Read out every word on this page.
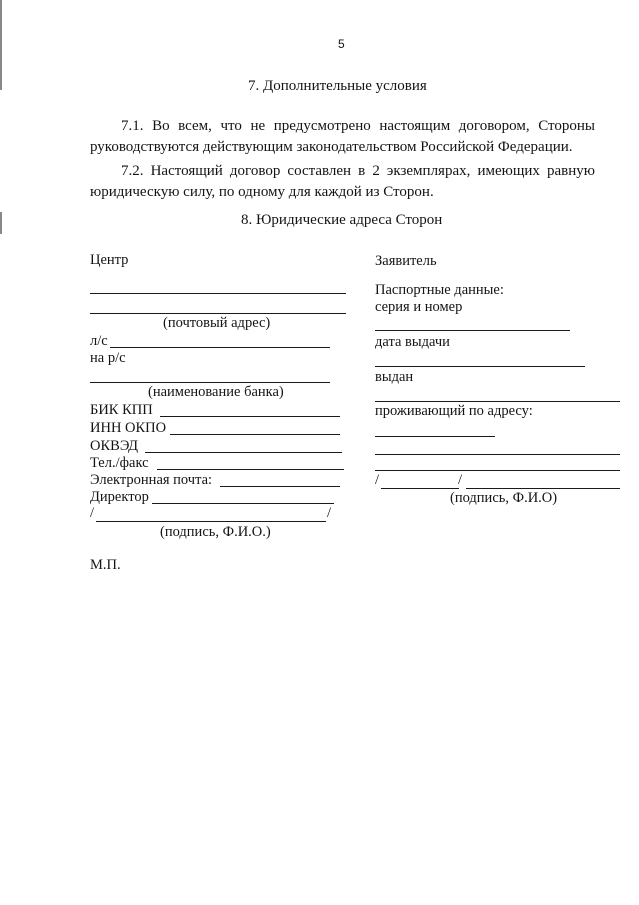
5
7. Дополнительные условия
7.1. Во всем, что не предусмотрено настоящим договором, Стороны руководствуются действующим законодательством Российской Федерации.
7.2. Настоящий договор составлен в 2 экземплярах, имеющих равную юридическую силу, по одному для каждой из Сторон.
8. Юридические адреса Сторон
Центр
(почтовый адрес)
л/с
на р/с
(наименование банка)
БИК КПП
ИНН ОКПО
ОКВЭД
Тел./факс
Электронная почта:
Директор
/	/
(подпись, Ф.И.О.)
М.П.
Заявитель
Паспортные данные:
серия и номер
дата выдачи
выдан
проживающий по адресу:
/	/
(подпись, Ф.И.О)
